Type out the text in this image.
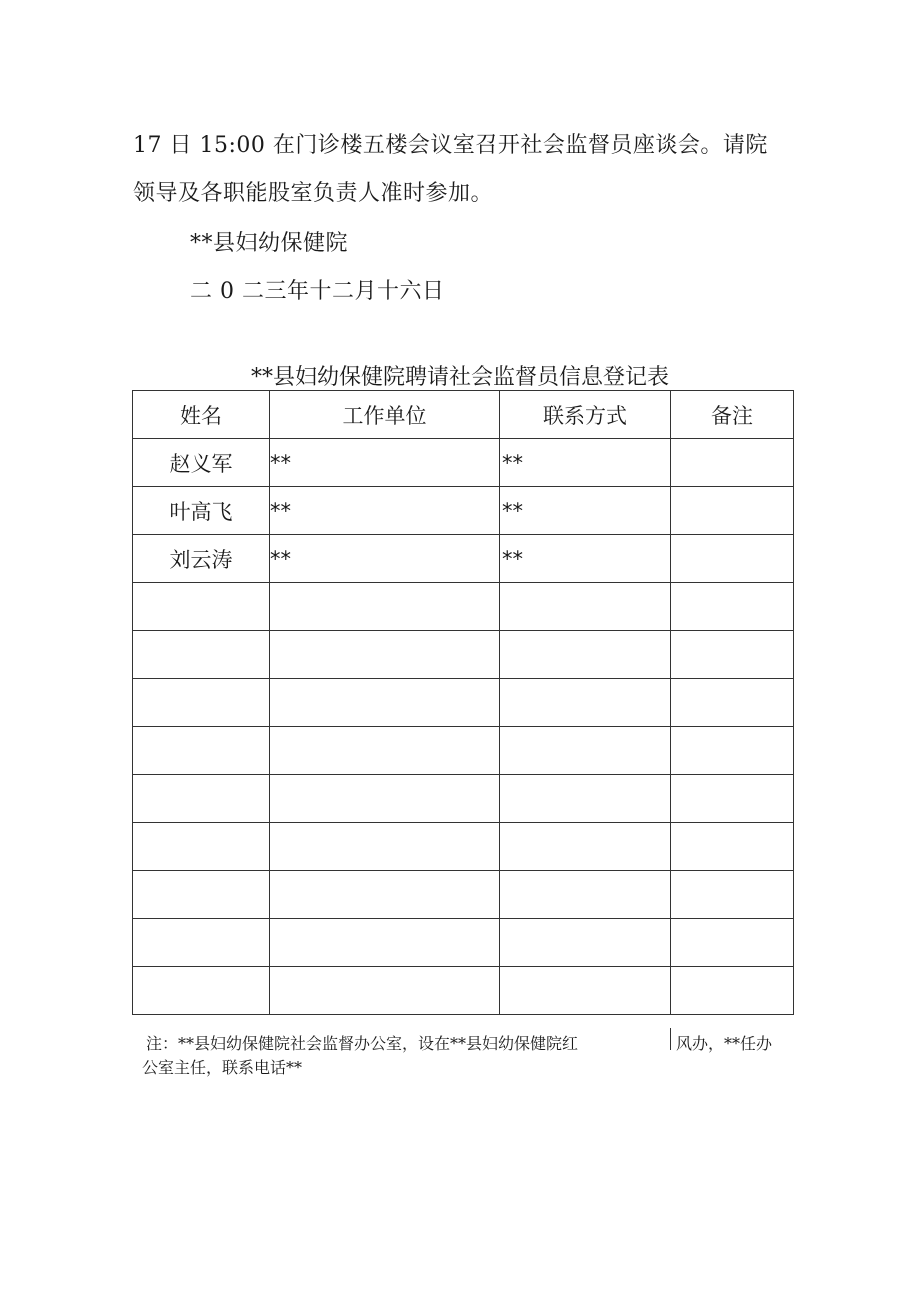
17 日 15:00 在门诊楼五楼会议室召开社会监督员座谈会。请院
领导及各职能股室负责人准时参加。
**县妇幼保健院
二 0 二三年十二月十六日
**县妇幼保健院聘请社会监督员信息登记表
姓名	工作单位	联系方式	备注
赵义军	**	**	
叶高飞	**	**	
刘云涛	**	**	

注：**县妇幼保健院社会监督办公室，设在**县妇幼保健院红	风办，**任办
公室主任，联系电话**
